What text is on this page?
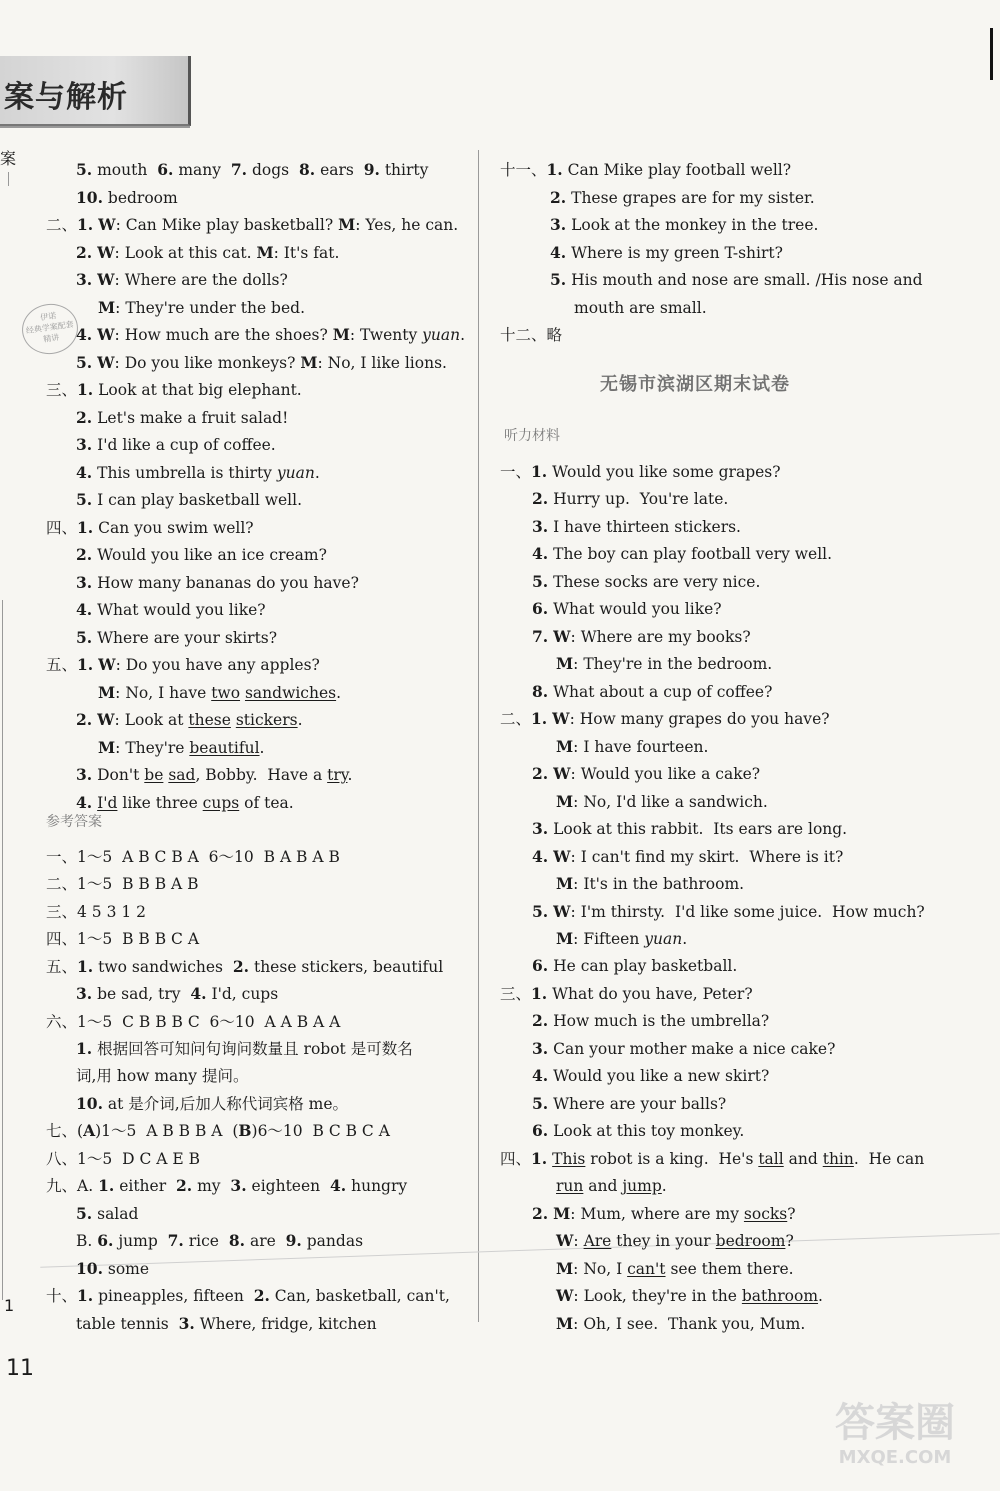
案与解析
案
伊诺
经典学案配套
精讲
5. mouth  6. many  7. dogs  8. ears  9. thirty
10. bedroom
二、1. W: Can Mike play basketball? M: Yes, he can.
2. W: Look at this cat. M: It's fat.
3. W: Where are the dolls?
M: They're under the bed.
4. W: How much are the shoes? M: Twenty yuan.
5. W: Do you like monkeys? M: No, I like lions.
三、1. Look at that big elephant.
2. Let's make a fruit salad!
3. I'd like a cup of coffee.
4. This umbrella is thirty yuan.
5. I can play basketball well.
四、1. Can you swim well?
2. Would you like an ice cream?
3. How many bananas do you have?
4. What would you like?
5. Where are your skirts?
五、1. W: Do you have any apples?
M: No, I have two sandwiches.
2. W: Look at these stickers.
M: They're beautiful.
3. Don't be sad, Bobby.  Have a try.
4. I'd like three cups of tea.
一、1～5  A B C B A  6～10  B A B A B
二、1～5  B B B A B
三、4 5 3 1 2
四、1～5  B B B C A
五、1. two sandwiches  2. these stickers, beautiful
3. be sad, try  4. I'd, cups
六、1～5  C B B B C  6～10  A A B A A
1. 根据回答可知问句询问数量且 robot 是可数名
词,用 how many 提问。
10. at 是介词,后加人称代词宾格 me。
七、(A)1～5  A B B B A  (B)6～10  B C B C A
八、1～5  D C A E B
九、A. 1. either  2. my  3. eighteen  4. hungry
5. salad
B. 6. jump  7. rice  8. are  9. pandas
10. some
十、1. pineapples, fifteen  2. Can, basketball, can't,
table tennis  3. Where, fridge, kitchen
十一、1. Can Mike play football well?
2. These grapes are for my sister.
3. Look at the monkey in the tree.
4. Where is my green T-shirt?
5. His mouth and nose are small. /His nose and
mouth are small.
十二、略
一、1. Would you like some grapes?
2. Hurry up.  You're late.
3. I have thirteen stickers.
4. The boy can play football very well.
5. These socks are very nice.
6. What would you like?
7. W: Where are my books?
M: They're in the bedroom.
8. What about a cup of coffee?
二、1. W: How many grapes do you have?
M: I have fourteen.
2. W: Would you like a cake?
M: No, I'd like a sandwich.
3. Look at this rabbit.  Its ears are long.
4. W: I can't find my skirt.  Where is it?
M: It's in the bathroom.
5. W: I'm thirsty.  I'd like some juice.  How much?
M: Fifteen yuan.
6. He can play basketball.
三、1. What do you have, Peter?
2. How much is the umbrella?
3. Can your mother make a nice cake?
4. Would you like a new skirt?
5. Where are your balls?
6. Look at this toy monkey.
四、1. This robot is a king.  He's tall and thin.  He can
run and jump.
2. M: Mum, where are my socks?
W: Are they in your bedroom?
M: No, I can't see them there.
W: Look, they're in the bathroom.
M: Oh, I see.  Thank you, Mum.
参考答案
听力材料
无锡市滨湖区期末试卷
1
11
答案圈
MXQE.COM
